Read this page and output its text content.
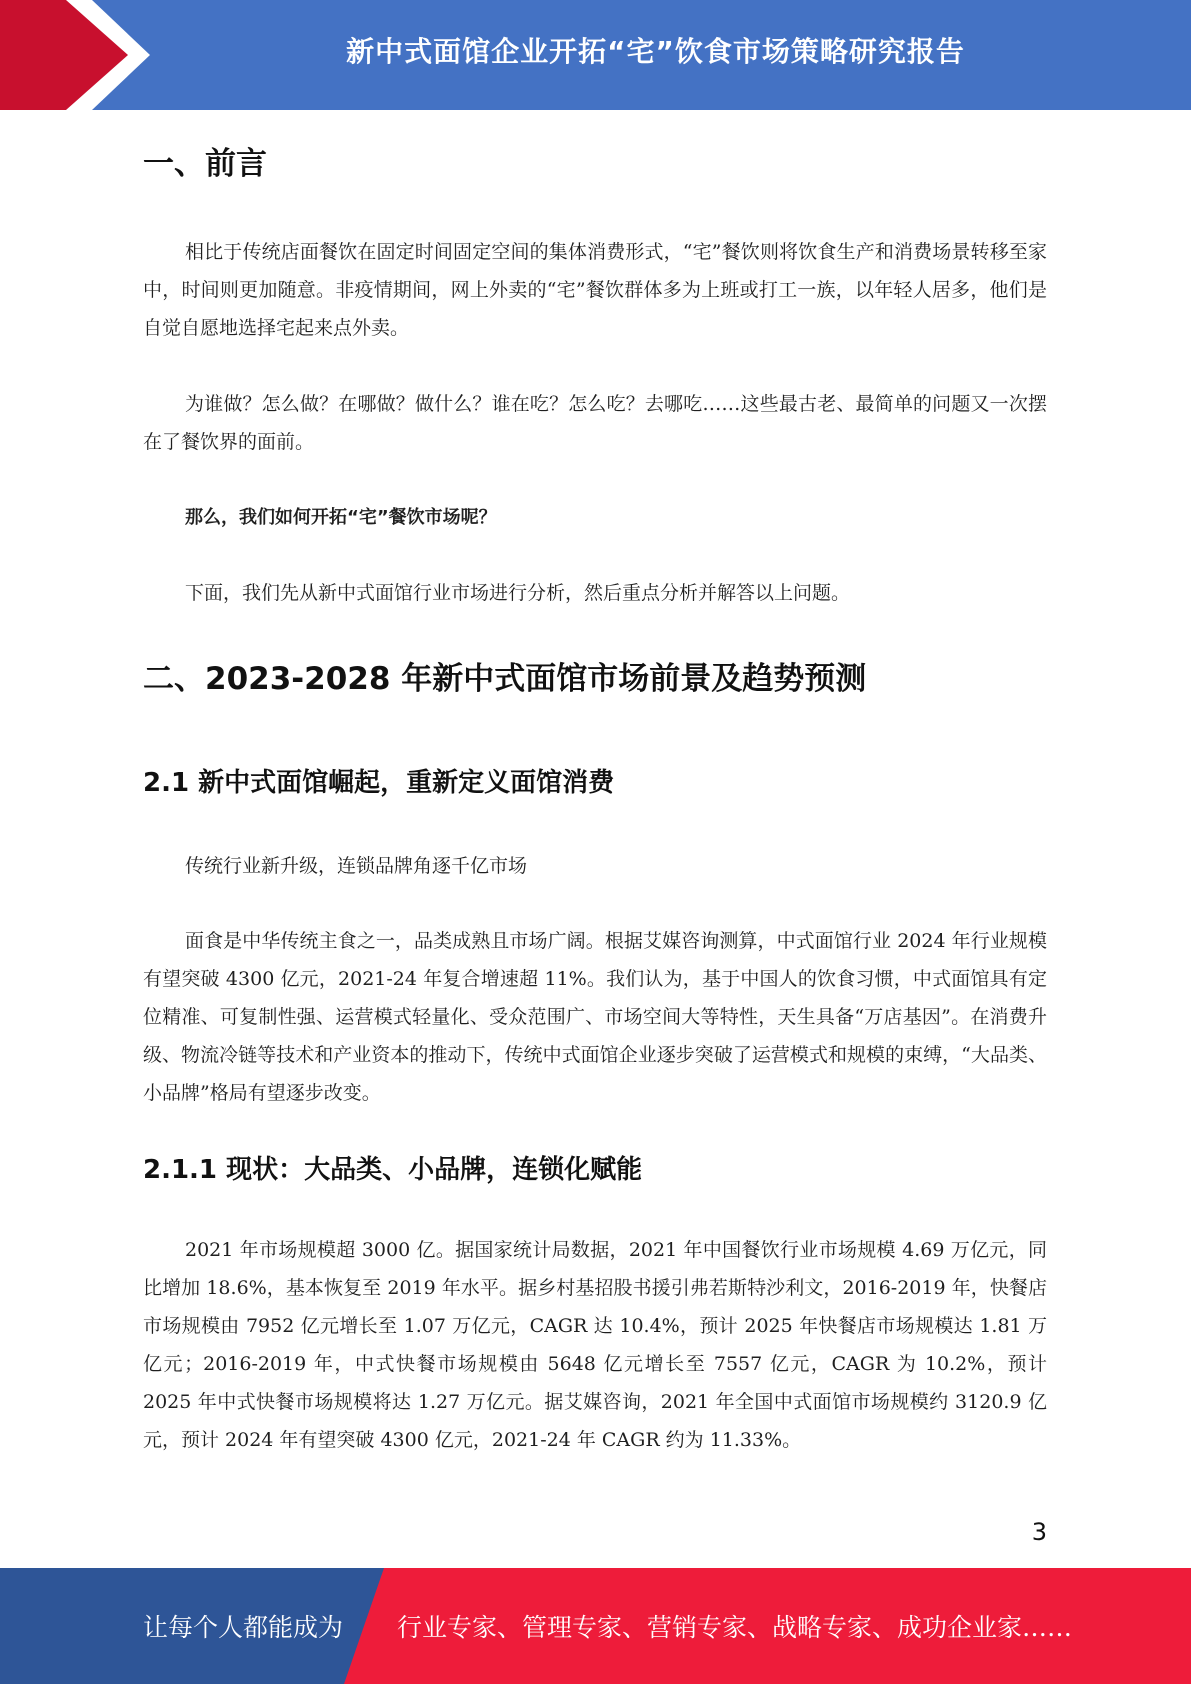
新中式面馆企业开拓“宅”饮食市场策略研究报告
一、前言

相比于传统店面餐饮在固定时间固定空间的集体消费形式，“宅”餐饮则将饮食生产和消费场景转移至家中，时间则更加随意。非疫情期间，网上外卖的“宅”餐饮群体多为上班或打工一族，以年轻人居多，他们是自觉自愿地选择宅起来点外卖。

为谁做？怎么做？在哪做？做什么？谁在吃？怎么吃？去哪吃……这些最古老、最简单的问题又一次摆在了餐饮界的面前。

那么，我们如何开拓“宅”餐饮市场呢？

下面，我们先从新中式面馆行业市场进行分析，然后重点分析并解答以上问题。

二、2023-2028 年新中式面馆市场前景及趋势预测
2.1 新中式面馆崛起，重新定义面馆消费

传统行业新升级，连锁品牌角逐千亿市场

面食是中华传统主食之一，品类成熟且市场广阔。根据艾媒咨询测算，中式面馆行业 2024 年行业规模有望突破 4300 亿元，2021-24 年复合增速超 11%。我们认为，基于中国人的饮食习惯，中式面馆具有定位精准、可复制性强、运营模式轻量化、受众范围广、市场空间大等特性，天生具备“万店基因”。在消费升级、物流冷链等技术和产业资本的推动下，传统中式面馆企业逐步突破了运营模式和规模的束缚，“大品类、小品牌”格局有望逐步改变。

2.1.1 现状：大品类、小品牌，连锁化赋能

2021 年市场规模超 3000 亿。据国家统计局数据，2021 年中国餐饮行业市场规模 4.69 万亿元，同比增加 18.6%，基本恢复至 2019 年水平。据乡村基招股书援引弗若斯特沙利文，2016-2019 年，快餐店市场规模由 7952 亿元增长至 1.07 万亿元，CAGR 达 10.4%，预计 2025 年快餐店市场规模达 1.81 万亿元；2016-2019 年，中式快餐市场规模由 5648 亿元增长至 7557 亿元，CAGR 为 10.2%，预计 2025 年中式快餐市场规模将达 1.27 万亿元。据艾媒咨询，2021 年全国中式面馆市场规模约 3120.9 亿元，预计 2024 年有望突破 4300 亿元，2021-24 年 CAGR 约为 11.33%。

3
让每个人都能成为 行业专家、管理专家、营销专家、战略专家、成功企业家……
